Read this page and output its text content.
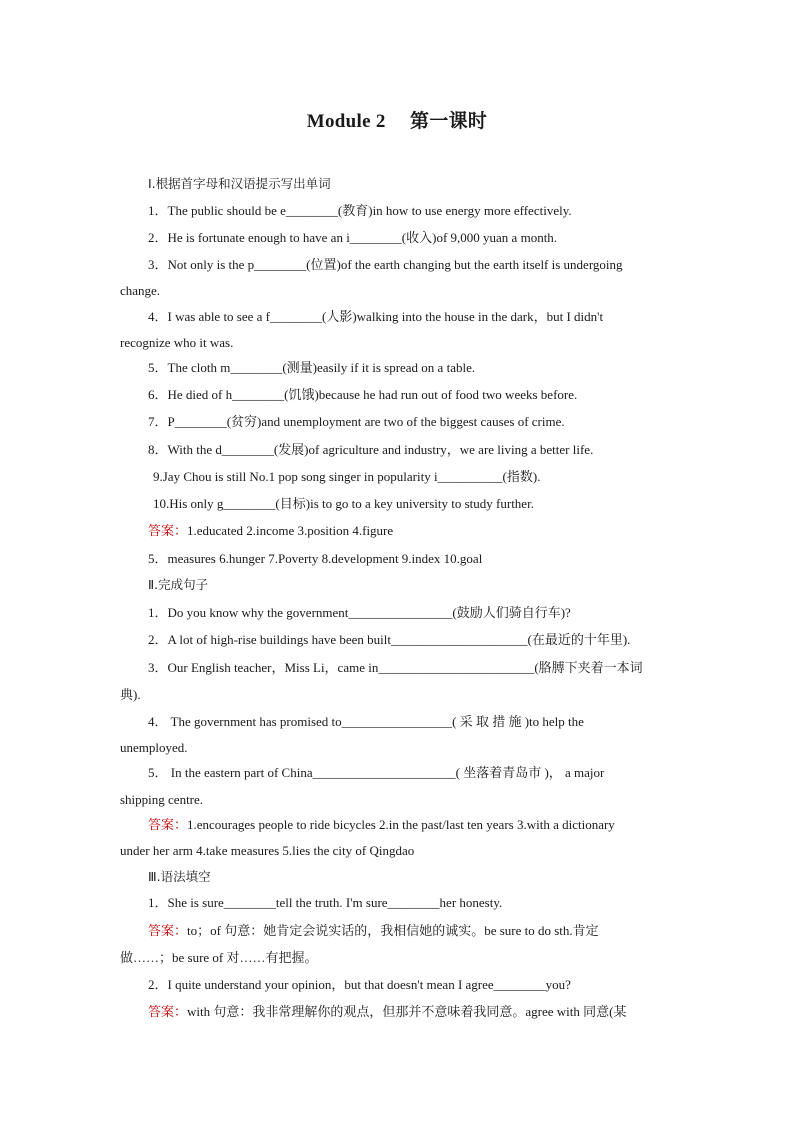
Module 2　 第一课时
Ⅰ.根据首字母和汉语提示写出单词
1．The public should be e________(教育)in how to use energy more effectively.
2．He is fortunate enough to have an i________(收入)of 9,000 yuan a month.
3．Not only is the p________(位置)of the earth changing but the earth itself is undergoing
change.
4．I was able to see a f________(人影)walking into the house in the dark，but I didn't
recognize who it was.
5．The cloth m________(测量)easily if it is spread on a table.
6．He died of h________(饥饿)because he had run out of food two weeks before.
7．P________(贫穷)and unemployment are two of the biggest causes of crime.
8．With the d________(发展)of agriculture and industry，we are living a better life.
9.Jay Chou is still No.1 pop song singer in popularity i__________(指数).
10.His only g________(目标)is to go to a key university to study further.
答案：1.educated 2.income 3.position 4.figure
5．measures 6.hunger 7.Poverty 8.development 9.index 10.goal
Ⅱ.完成句子
1．Do you know why the government________________(鼓励人们骑自行车)?
2．A lot of high-rise buildings have been built_____________________(在最近的十年里).
3．Our English teacher，Miss Li，came in________________________(胳膊下夹着一本词
典).
4． The government has promised to_________________( 采 取 措 施 )to help the
unemployed.
5． In the eastern part of China______________________( 坐落着青岛市 )， a major
shipping centre.
答案：1.encourages people to ride bicycles 2.in the past/last ten years 3.with a dictionary
under her arm 4.take measures 5.lies the city of Qingdao
Ⅲ.语法填空
1．She is sure________tell the truth. I'm sure________her honesty.
答案：to；of 句意：她肯定会说实话的，我相信她的诚实。be sure to do sth.肯定
做……；be sure of 对……有把握。
2．I quite understand your opinion，but that doesn't mean I agree________you?
答案：with 句意：我非常理解你的观点，但那并不意味着我同意。agree with 同意(某
